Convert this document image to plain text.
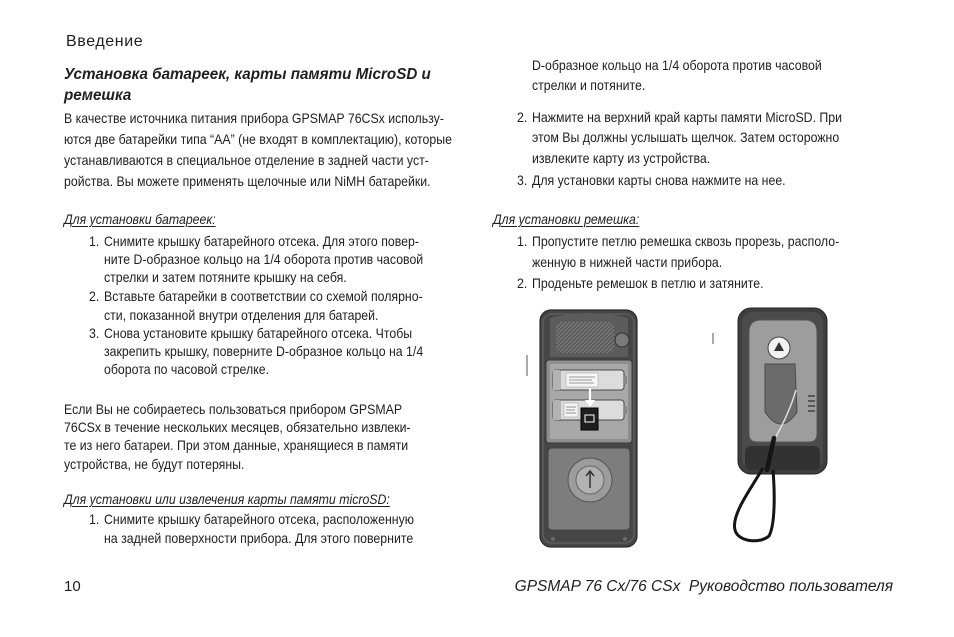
Введение
Установка батареек, карты памяти MicroSD и
ремешка
В качестве источника питания прибора GPSMAP 76CSx использу-
ются две батарейки типа “AA” (не входят в комплектацию), которые
устанавливаются в специальное отделение в задней части уст-
ройства. Вы можете применять щелочные или NiMH батарейки.
Для установки батареек:
1. Снимите крышку батарейного отсека. Для этого повер-
ните D-образное кольцо на 1/4 оборота против часовой
стрелки и затем потяните крышку на себя.
2. Вставьте батарейки в соответствии со схемой полярно-
сти, показанной внутри отделения для батарей.
3. Снова установите крышку батарейного отсека. Чтобы
закрепить крышку, поверните D-образное кольцо на 1/4
оборота по часовой стрелке.
Если Вы не собираетесь пользоваться прибором GPSMAP
76CSx в течение нескольких месяцев, обязательно извлеки-
те из него батареи. При этом данные, хранящиеся в памяти
устройства, не будут потеряны.
Для установки или извлечения карты памяти microSD:
1. Снимите крышку батарейного отсека, расположенную
на задней поверхности прибора. Для этого поверните
D-образное кольцо на 1/4 оборота против часовой
стрелки и потяните.
2. Нажмите на верхний край карты памяти MicroSD. При
этом Вы должны услышать щелчок. Затем осторожно
извлеките карту из устройства.
3. Для установки карты снова нажмите на нее.
Для установки ремешка:
1. Пропустите петлю ремешка сквозь прорезь, располо-
женную в нижней части прибора.
2. Проденьте ремешок в петлю и затяните.
10	GPSMAP 76 Cx/76 CSx  Руководство пользователя
